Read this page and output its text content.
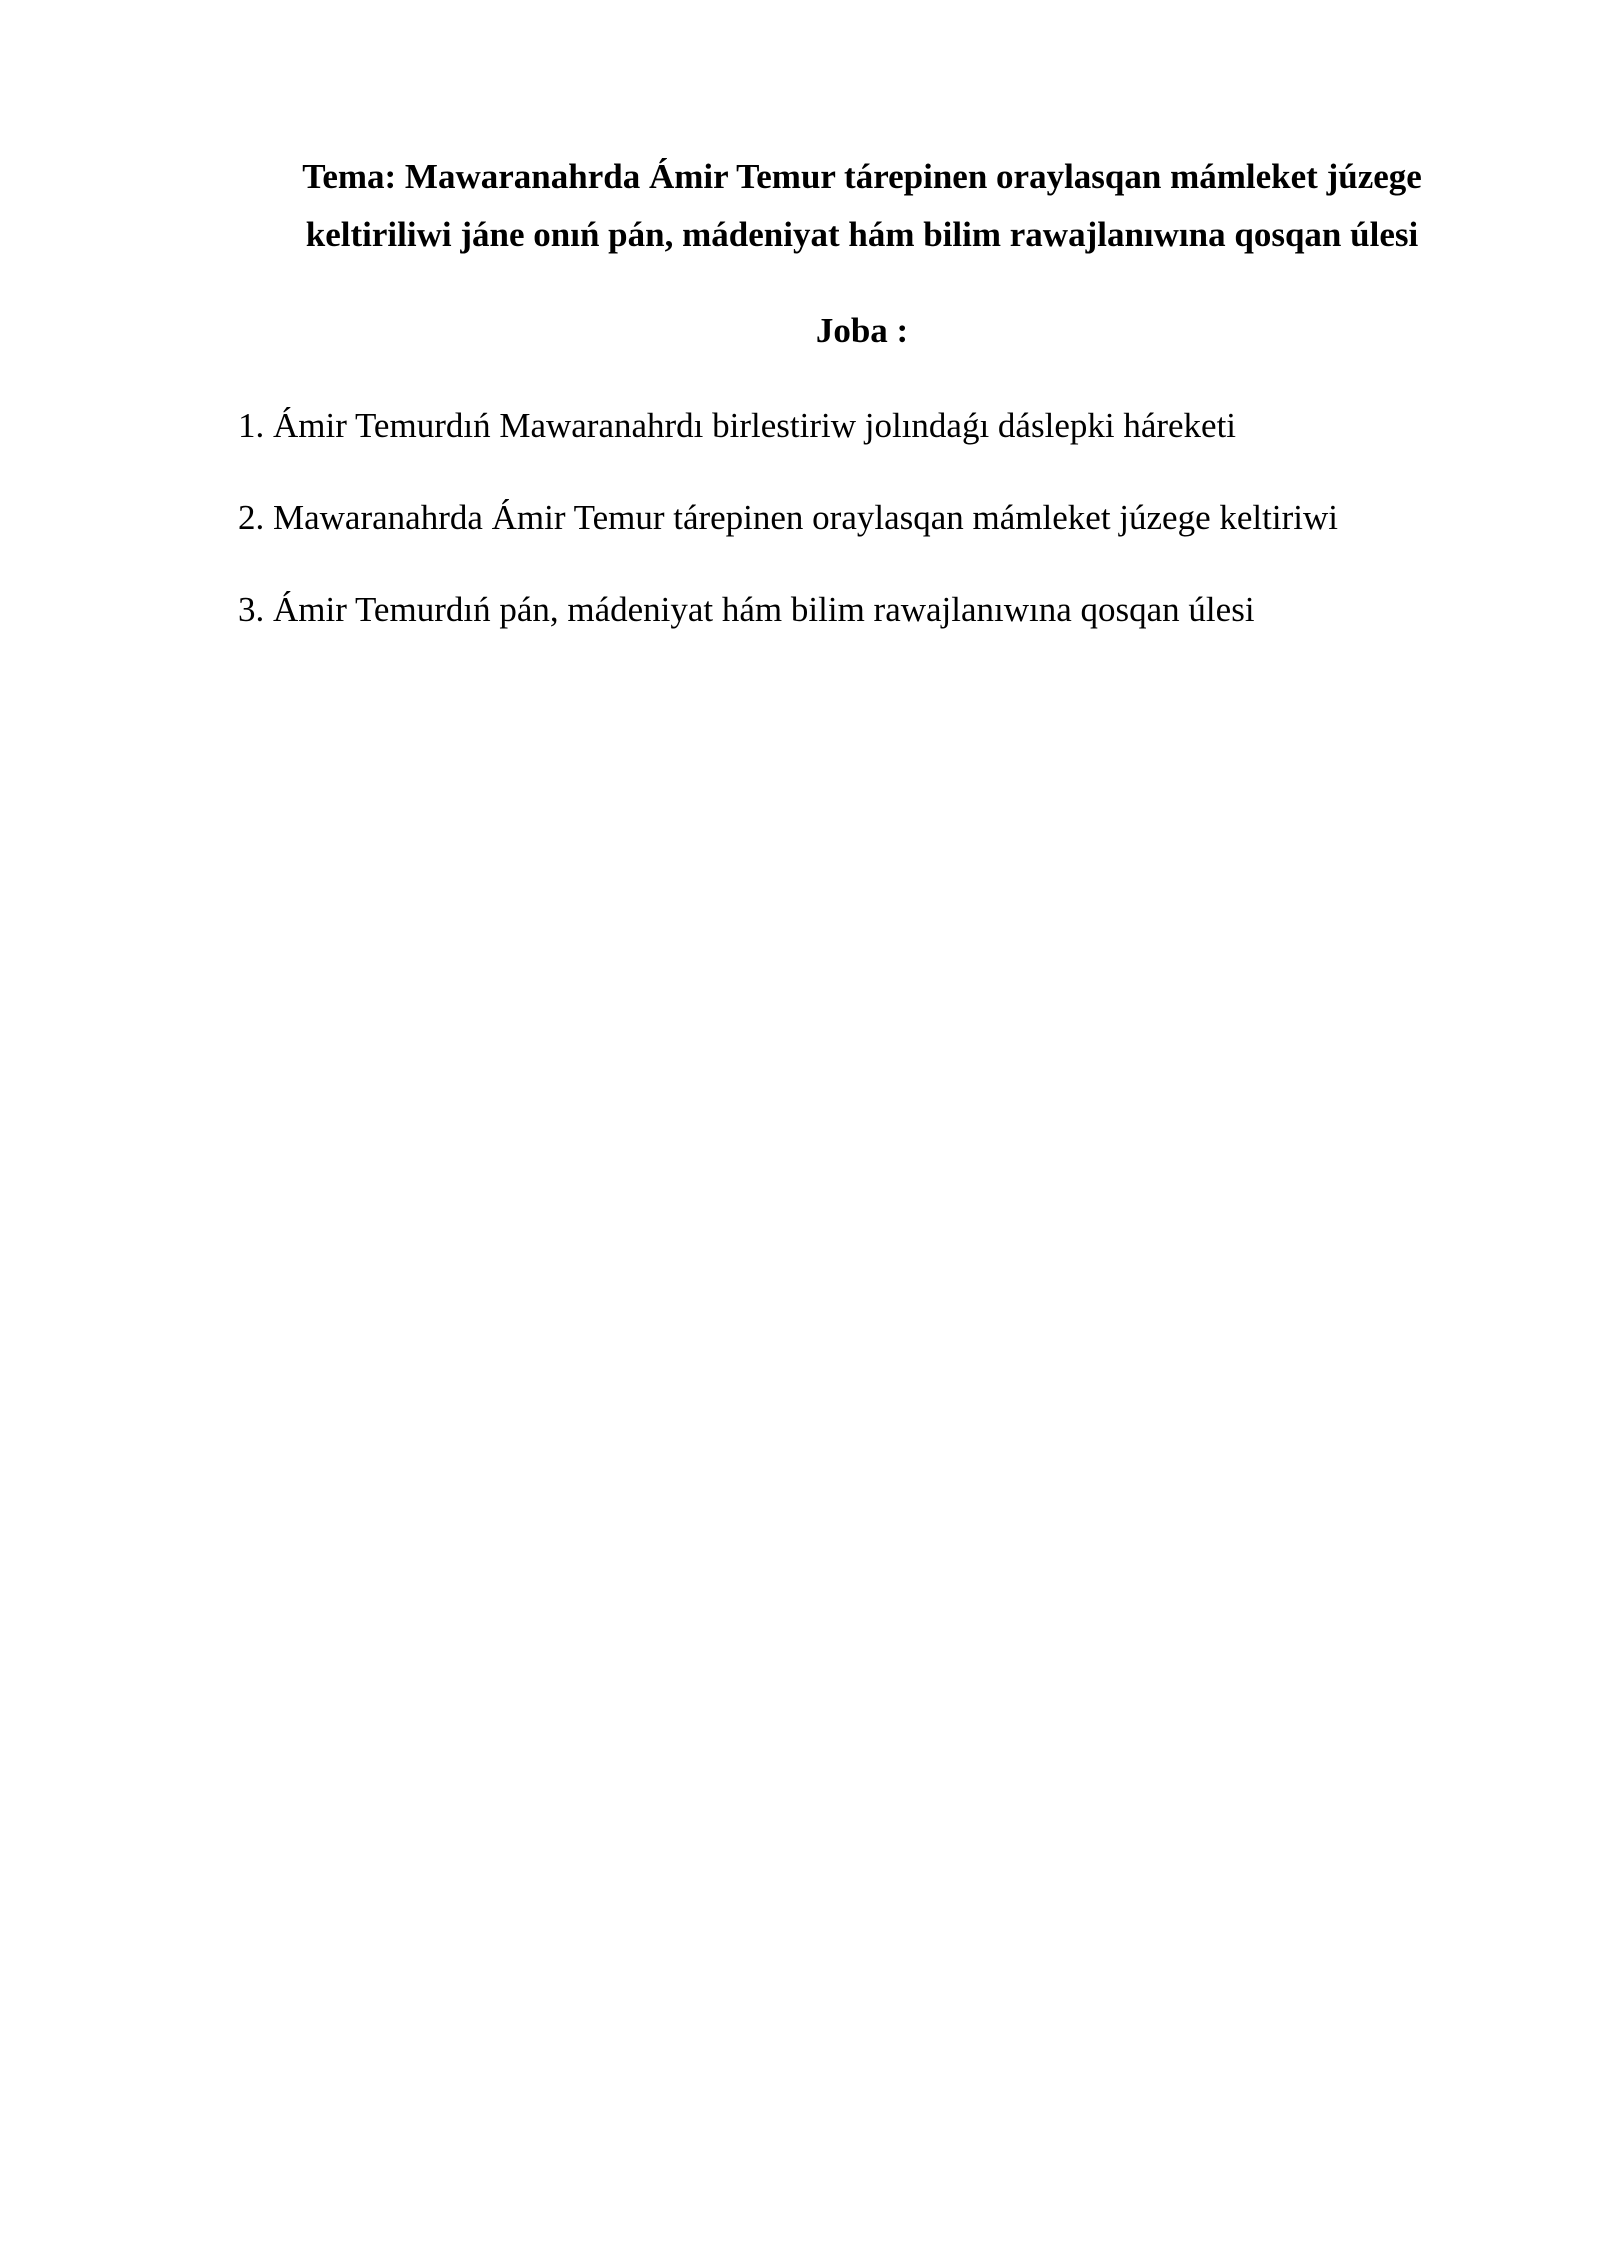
Tema: Mawaranahrda Ámir Temur tárepinen oraylasqan mámleket júzege

keltiriliwi jáne onıń pán, mádeniyat hám bilim rawajlanıwına qosqan úlesi

Joba :

1. Ámir Temurdıń Mawaranahrdı birlestiriw jolındaǵı dáslepki háreketi
2. Mawaranahrda Ámir Temur tárepinen oraylasqan mámleket júzege keltiriwi
3. Ámir Temurdıń pán, mádeniyat hám bilim rawajlanıwına qosqan úlesi
